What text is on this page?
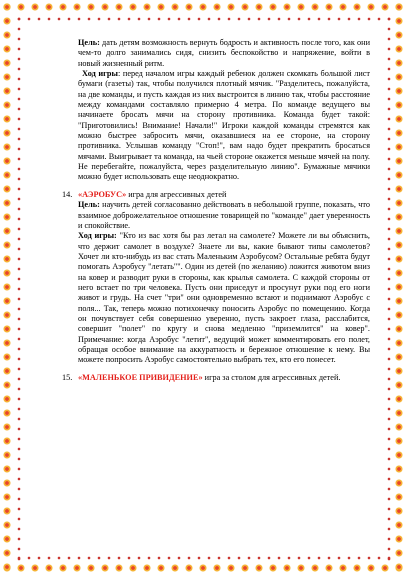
Цель: дать детям возможность вернуть бодрость и активность после того, как они чем-то долго занимались сидя, снизить беспокойство и напряжение, войти в новый жизненный ритм.

Ход игры: перед началом игры каждый ребенок должен скомкать большой лист бумаги (газеты) так, чтобы получился плотный мячик. "Разделитесь, пожалуйста, на две команды, и пусть каждая из них выстроится в линию так, чтобы расстояние между командами составляло примерно 4 метра. По команде ведущего вы начинаете бросать мячи на сторону противника. Команда будет такой: "Приготовились! Внимание! Начали!" Игроки каждой команды стремятся как можно быстрее забросить мячи, оказавшиеся на ее стороне, на сторону противника. Услышав команду "Стоп!", вам надо будет прекратить бросаться мячами. Выигрывает та команда, на чьей стороне окажется меньше мячей на полу. Не перебегайте, пожалуйста, через разделительную линию". Бумажные мячики можно будет использовать еще неоднократно.

14. «АЭРОБУС» игра для агрессивных детей

Цель: научить детей согласованно действовать в небольшой группе, показать, что взаимное доброжелательное отношение товарищей по "команде" дает уверенность и спокойствие.

Ход игры: "Кто из вас хотя бы раз летал на самолете? Можете ли вы объяснить, что держит самолет в воздухе? Знаете ли вы, какие бывают типы самолетов? Хочет ли кто-нибудь из вас стать Маленьким Аэробусом? Остальные ребята будут помогать Аэробусу "летать"". Один из детей (по желанию) ложится животом вниз на ковер и разводит руки в стороны, как крылья самолета. С каждой стороны от него встает по три человека. Пусть они приседут и просунут руки под его ноги живот и грудь. На счет "три" они одновременно встают и поднимают Аэробус с поля... Так, теперь можно потихонечку поносить Аэробус по помещению. Когда он почувствует себя совершенно уверенно, пусть закроет глаза, расслабится, совершит "полет" по кругу и снова медленно "приземлится" на ковер". Примечание: когда Аэробус "летит", ведущий может комментировать его полет, обращая особое внимание на аккуратность и бережное отношение к нему. Вы можете попросить Аэробус самостоятельно выбрать тех, кто его понесет.

15. «МАЛЕНЬКОЕ ПРИВИДЕНИЕ» игра за столом для агрессивных детей.
